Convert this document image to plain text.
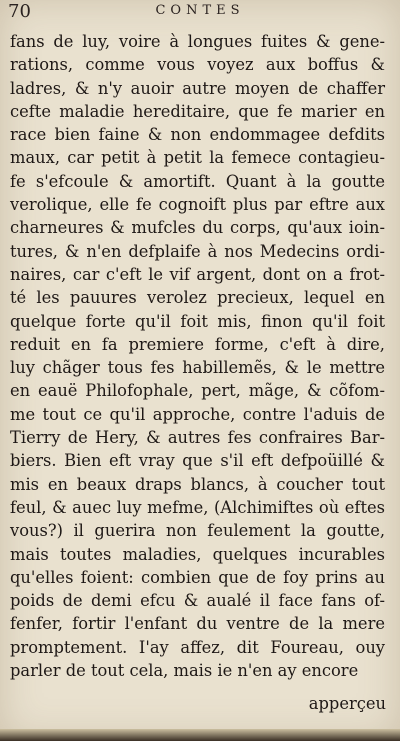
70	CONTES
fans de luy, voire à longues fuites & gene-
rations, comme vous voyez aux boffus &
ladres, & n'y auoir autre moyen de chaffer
cefte maladie hereditaire, que fe marier en
race bien faine & non endommagee defdits
maux, car petit à petit la femece contagieu-
fe s'efcoule & amortift. Quant à la goutte
verolique, elle fe cognoift plus par eftre aux
charneures & mufcles du corps, qu'aux ioin-
tures, & n'en defplaife à nos Medecins ordi-
naires, car c'eft le vif argent, dont on a frot-
té les pauures verolez precieux, lequel en
quelque forte qu'il foit mis, finon qu'il foit
reduit en fa premiere forme, c'eft à dire,
luy chãger tous fes habillemẽs, & le mettre
en eauë Philofophale, pert, mãge, & cõfom-
me tout ce qu'il approche, contre l'aduis de
Tierry de Hery, & autres fes confraires Bar-
biers. Bien eft vray que s'il eft defpoüillé &
mis en beaux draps blancs, à coucher tout
feul, & auec luy mefme, (Alchimiftes où eftes
vous?) il guerira non feulement la goutte,
mais toutes maladies, quelques incurables
qu'elles foient: combien que de foy prins au
poids de demi efcu & aualé il face fans of-
fenfer, fortir l'enfant du ventre de la mere
promptement. I'ay affez, dit Foureau, ouy
parler de tout cela, mais ie n'en ay encore
apperçeu
